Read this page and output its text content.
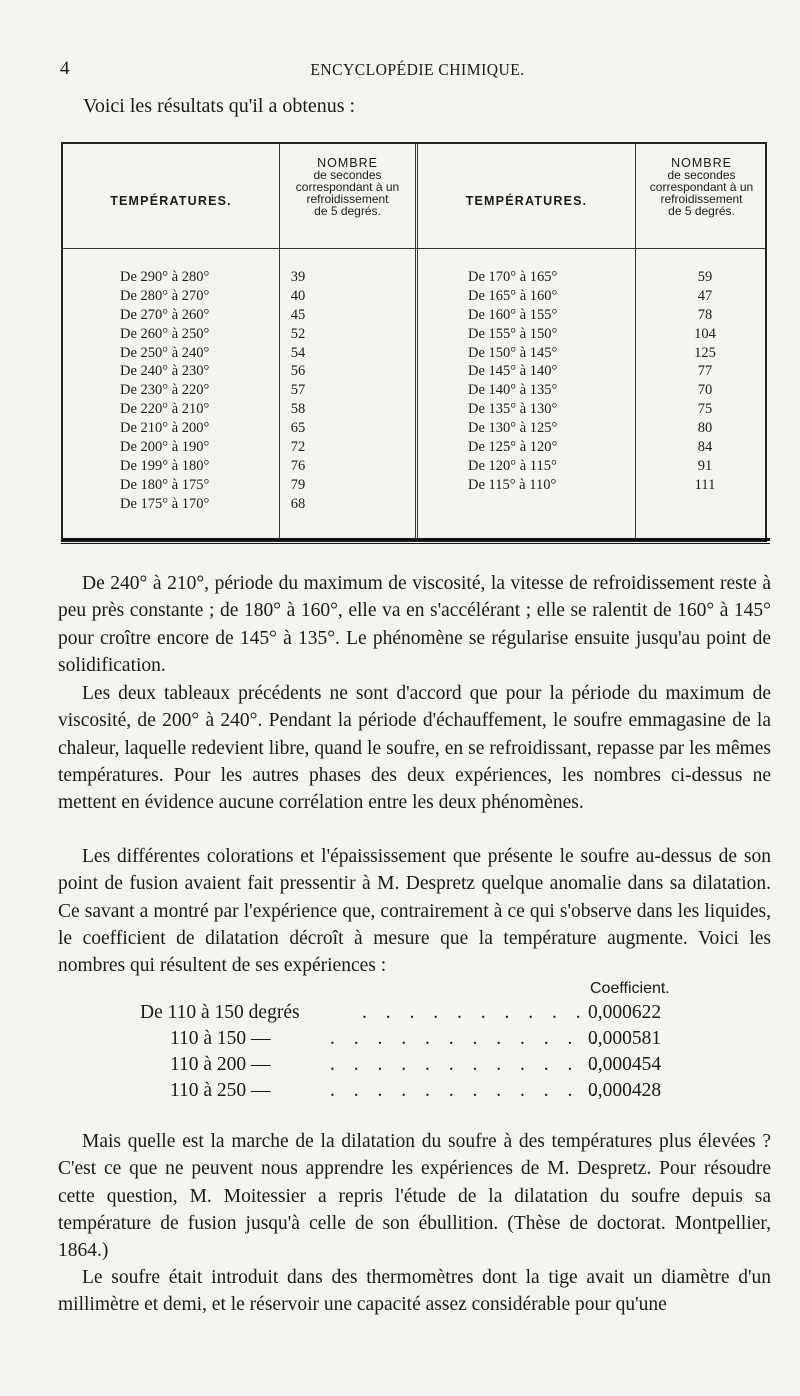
4	ENCYCLOPÉDIE CHIMIQUE.
Voici les résultats qu'il a obtenus :
TEMPÉRATURES.
NOMBRE
de secondes
correspondant à un
refroidissement
de 5 degrés.
TEMPÉRATURES.
NOMBRE
de secondes
correspondant à un
refroidissement
de 5 degrés.
De 290° à 280°	39
De 280° à 270°	40
De 270° à 260°	45
De 260° à 250°	52
De 250° à 240°	54
De 240° à 230°	56
De 230° à 220°	57
De 220° à 210°	58
De 210° à 200°	65
De 200° à 190°	72
De 199° à 180°	76
De 180° à 175°	79
De 175° à 170°	68
De 170° à 165°	59
De 165° à 160°	47
De 160° à 155°	78
De 155° à 150°	104
De 150° à 145°	125
De 145° à 140°	77
De 140° à 135°	70
De 135° à 130°	75
De 130° à 125°	80
De 125° à 120°	84
De 120° à 115°	91
De 115° à 110°	111
De 240° à 210°, période du maximum de viscosité, la vitesse de refroidissement reste à peu près constante ; de 180° à 160°, elle va en s'accélérant ; elle se ralentit de 160° à 145° pour croître encore de 145° à 135°. Le phénomène se régularise ensuite jusqu'au point de solidification.
Les deux tableaux précédents ne sont d'accord que pour la période du maximum de viscosité, de 200° à 240°. Pendant la période d'échauffement, le soufre emmagasine de la chaleur, laquelle redevient libre, quand le soufre, en se refroidissant, repasse par les mêmes températures. Pour les autres phases des deux expériences, les nombres ci-dessus ne mettent en évidence aucune corrélation entre les deux phénomènes.
Les différentes colorations et l'épaississement que présente le soufre au-dessus de son point de fusion avaient fait pressentir à M. Despretz quelque anomalie dans sa dilatation. Ce savant a montré par l'expérience que, contrairement à ce qui s'observe dans les liquides, le coefficient de dilatation décroît à mesure que la température augmente. Voici les nombres qui résultent de ses expériences :
Coefficient.
De 110 à 150 degrés	. . . . . . . . . . 0,000622
110 à 150 —	. . . . . . . . . . . .
0,000581
110 à 200 —	. . . . . . . . . . . .
0,000454
110 à 250 —	. . . . . . . . . . . .
0,000428
Mais quelle est la marche de la dilatation du soufre à des températures plus élevées ? C'est ce que ne peuvent nous apprendre les expériences de M. Despretz. Pour résoudre cette question, M. Moitessier a repris l'étude de la dilatation du soufre depuis sa température de fusion jusqu'à celle de son ébullition. (Thèse de doctorat. Montpellier, 1864.)
Le soufre était introduit dans des thermomètres dont la tige avait un diamètre d'un millimètre et demi, et le réservoir une capacité assez considérable pour qu'une
